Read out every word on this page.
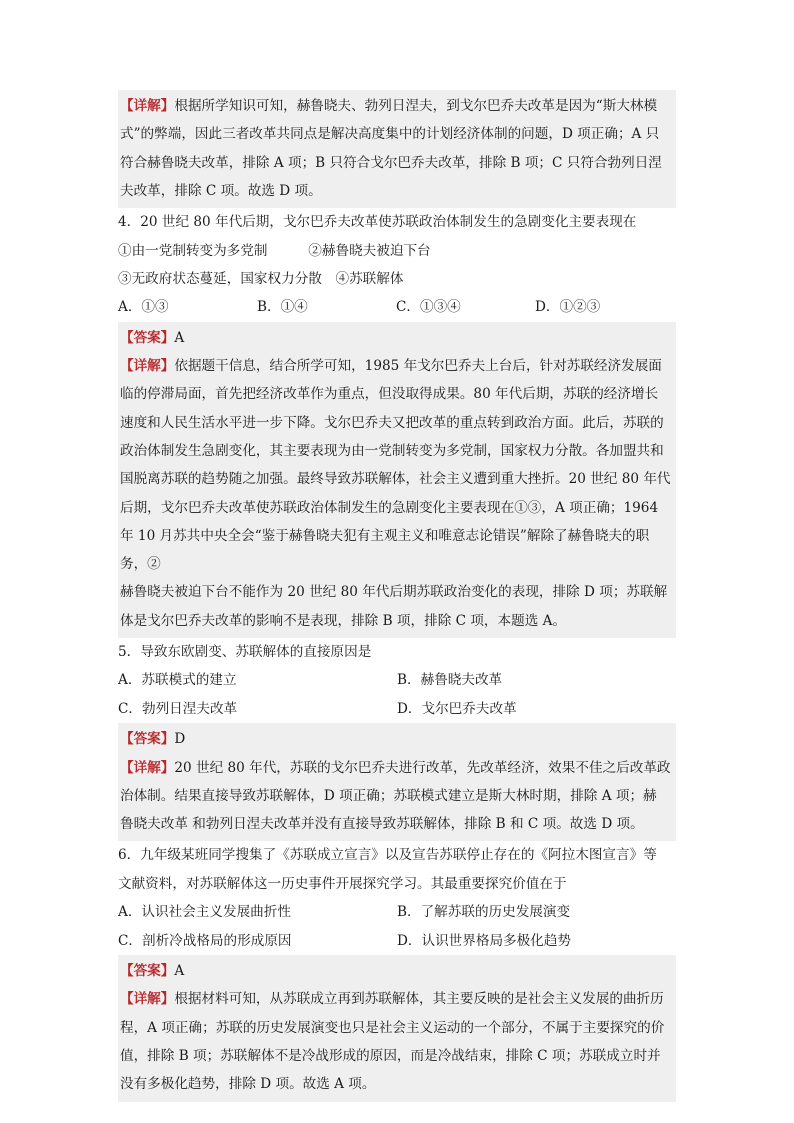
【详解】根据所学知识可知，赫鲁晓夫、勃列日涅夫，到戈尔巴乔夫改革是因为“斯大林模

式”的弊端，因此三者改革共同点是解决高度集中的计划经济体制的问题，D 项正确；A 只

符合赫鲁晓夫改革，排除 A 项；B 只符合戈尔巴乔夫改革，排除 B 项；C 只符合勃列日涅

夫改革，排除 C 项。故选 D 项。

4．20 世纪 80 年代后期，戈尔巴乔夫改革使苏联政治体制发生的急剧变化主要表现在

①由一党制转变为多党制　　　②赫鲁晓夫被迫下台

③无政府状态蔓延，国家权力分散　④苏联解体

A．①③	B．①④	C．①③④	D．①②③

【答案】A

【详解】依据题干信息，结合所学可知，1985 年戈尔巴乔夫上台后，针对苏联经济发展面

临的停滞局面，首先把经济改革作为重点，但没取得成果。80 年代后期，苏联的经济增长

速度和人民生活水平进一步下降。戈尔巴乔夫又把改革的重点转到政治方面。此后，苏联的

政治体制发生急剧变化，其主要表现为由一党制转变为多党制，国家权力分散。各加盟共和

国脱离苏联的趋势随之加强。最终导致苏联解体，社会主义遭到重大挫折。20 世纪 80 年代

后期，戈尔巴乔夫改革使苏联政治体制发生的急剧变化主要表现在①③，A 项正确；1964

年 10 月苏共中央全会“鉴于赫鲁晓夫犯有主观主义和唯意志论错误”解除了赫鲁晓夫的职务，②

赫鲁晓夫被迫下台不能作为 20 世纪 80 年代后期苏联政治变化的表现，排除 D 项；苏联解

体是戈尔巴乔夫改革的影响不是表现，排除 B 项，排除 C 项，本题选 A。

5．导致东欧剧变、苏联解体的直接原因是

A．苏联模式的建立	B．赫鲁晓夫改革
C．勃列日涅夫改革	D．戈尔巴乔夫改革

【答案】D

【详解】20 世纪 80 年代，苏联的戈尔巴乔夫进行改革，先改革经济，效果不佳之后改革政

治体制。结果直接导致苏联解体，D 项正确；苏联模式建立是斯大林时期，排除 A 项；赫

鲁晓夫改革 和勃列日涅夫改革并没有直接导致苏联解体，排除 B 和 C 项。故选 D 项。

6．九年级某班同学搜集了《苏联成立宣言》以及宣告苏联停止存在的《阿拉木图宣言》等

文献资料，对苏联解体这一历史事件开展探究学习。其最重要探究价值在于

A．认识社会主义发展曲折性	B．了解苏联的历史发展演变
C．剖析冷战格局的形成原因	D．认识世界格局多极化趋势

【答案】A

【详解】根据材料可知，从苏联成立再到苏联解体，其主要反映的是社会主义发展的曲折历

程，A 项正确；苏联的历史发展演变也只是社会主义运动的一个部分，不属于主要探究的价

值，排除 B 项；苏联解体不是冷战形成的原因，而是冷战结束，排除 C 项；苏联成立时并

没有多极化趋势，排除 D 项。故选 A 项。
